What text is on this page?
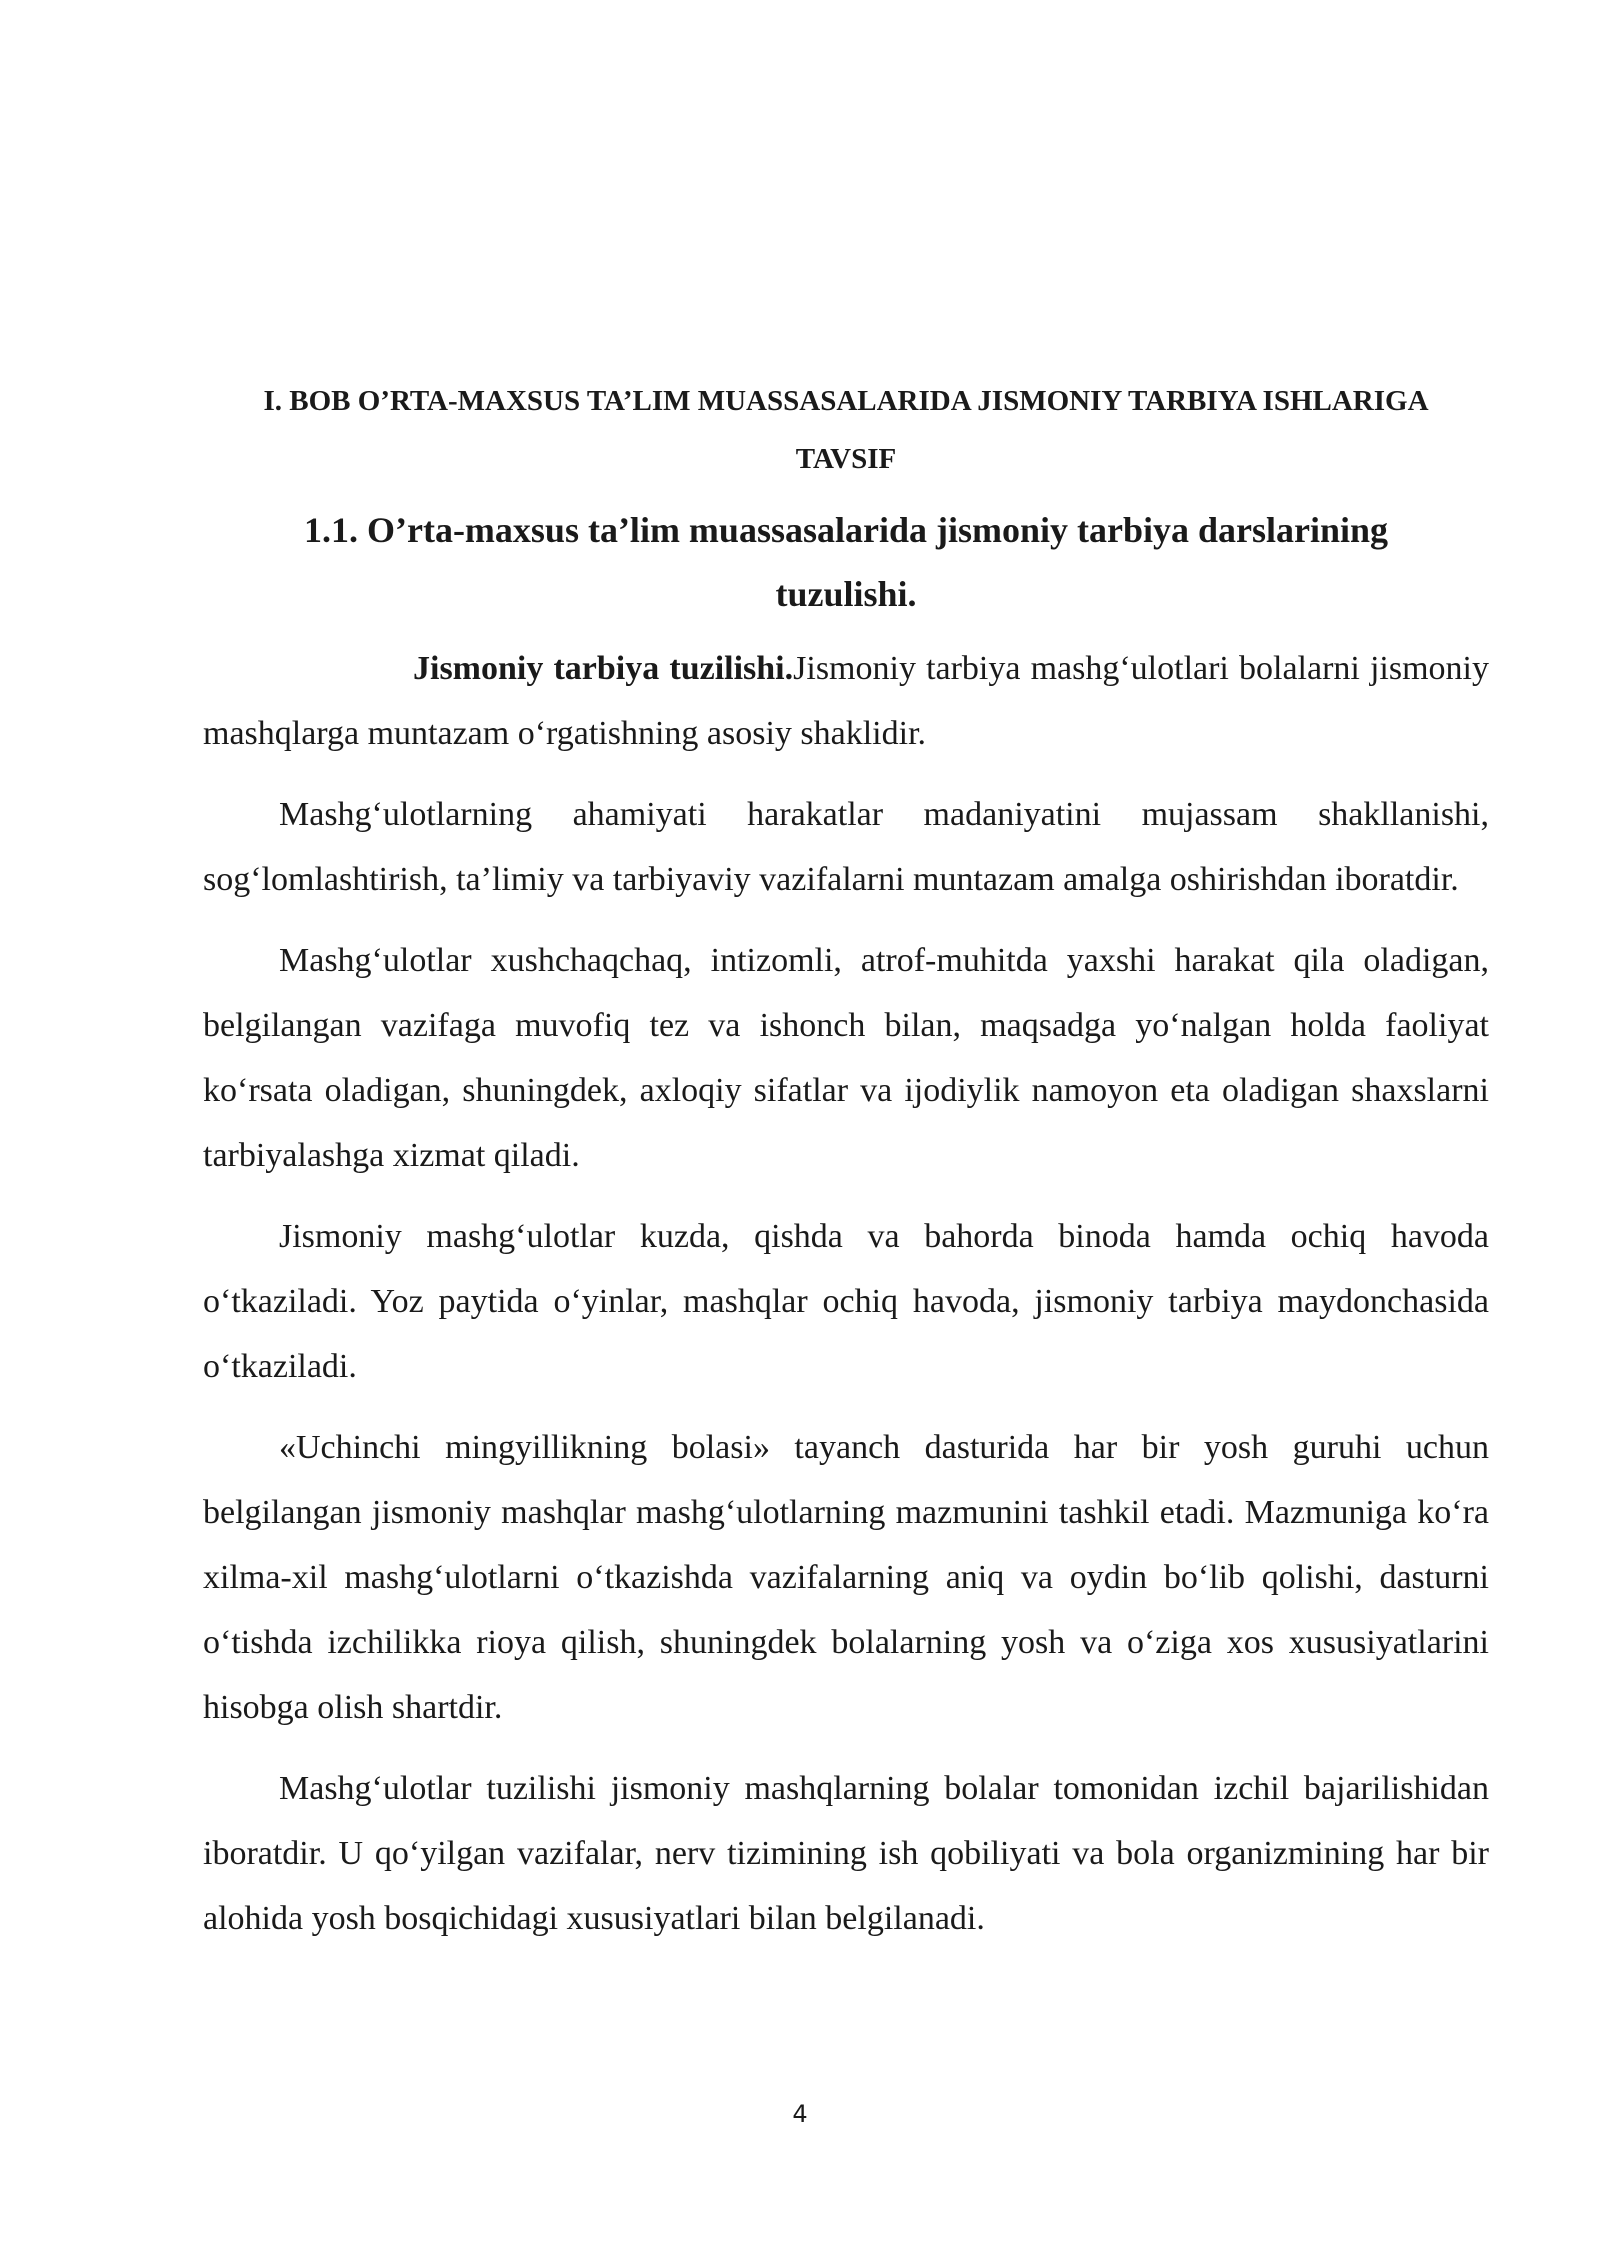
I. BOB O’RTA-MAXSUS TA’LIM MUASSASALARIDA JISMONIY TARBIYA ISHLARIGA TAVSIF
1.1. O’rta-maxsus ta’lim muassasalarida jismoniy tarbiya darslarining tuzulishi.

Jismoniy tarbiya tuzilishi.Jismoniy tarbiya mashg‘ulotlari bolalarni jismoniy mashqlarga muntazam o‘rgatishning asosiy shaklidir.

Mashg‘ulotlarning ahamiyati harakatlar madaniyatini mujassam shakllanishi, sog‘lomlashtirish, ta’limiy va tarbiyaviy vazifalarni muntazam amalga oshirishdan iboratdir.

Mashg‘ulotlar xushchaqchaq, intizomli, atrof-muhitda yaxshi harakat qila oladigan, belgilangan vazifaga muvofiq tez va ishonch bilan, maqsadga yo‘nalgan holda faoliyat ko‘rsata oladigan, shuningdek, axloqiy sifatlar va ijodiylik namoyon eta oladigan shaxslarni tarbiyalashga xizmat qiladi.

Jismoniy mashg‘ulotlar kuzda, qishda va bahorda binoda hamda ochiq havoda o‘tkaziladi. Yoz paytida o‘yinlar, mashqlar ochiq havoda, jismoniy tarbiya maydonchasida o‘tkaziladi.

«Uchinchi mingyillikning bolasi» tayanch dasturida har bir yosh guruhi uchun belgilangan jismoniy mashqlar mashg‘ulotlarning mazmunini tashkil etadi. Mazmuniga ko‘ra xilma-xil mashg‘ulotlarni o‘tkazishda vazifalarning aniq va oydin bo‘lib qolishi, dasturni o‘tishda izchilikka rioya qilish, shuningdek bolalarning yosh va o‘ziga xos xususiyatlarini hisobga olish shartdir.

Mashg‘ulotlar tuzilishi jismoniy mashqlarning bolalar tomonidan izchil bajarilishidan iboratdir. U qo‘yilgan vazifalar, nerv tizimining ish qobiliyati va bola organizmining har bir alohida yosh bosqichidagi xususiyatlari bilan belgilanadi.

4
